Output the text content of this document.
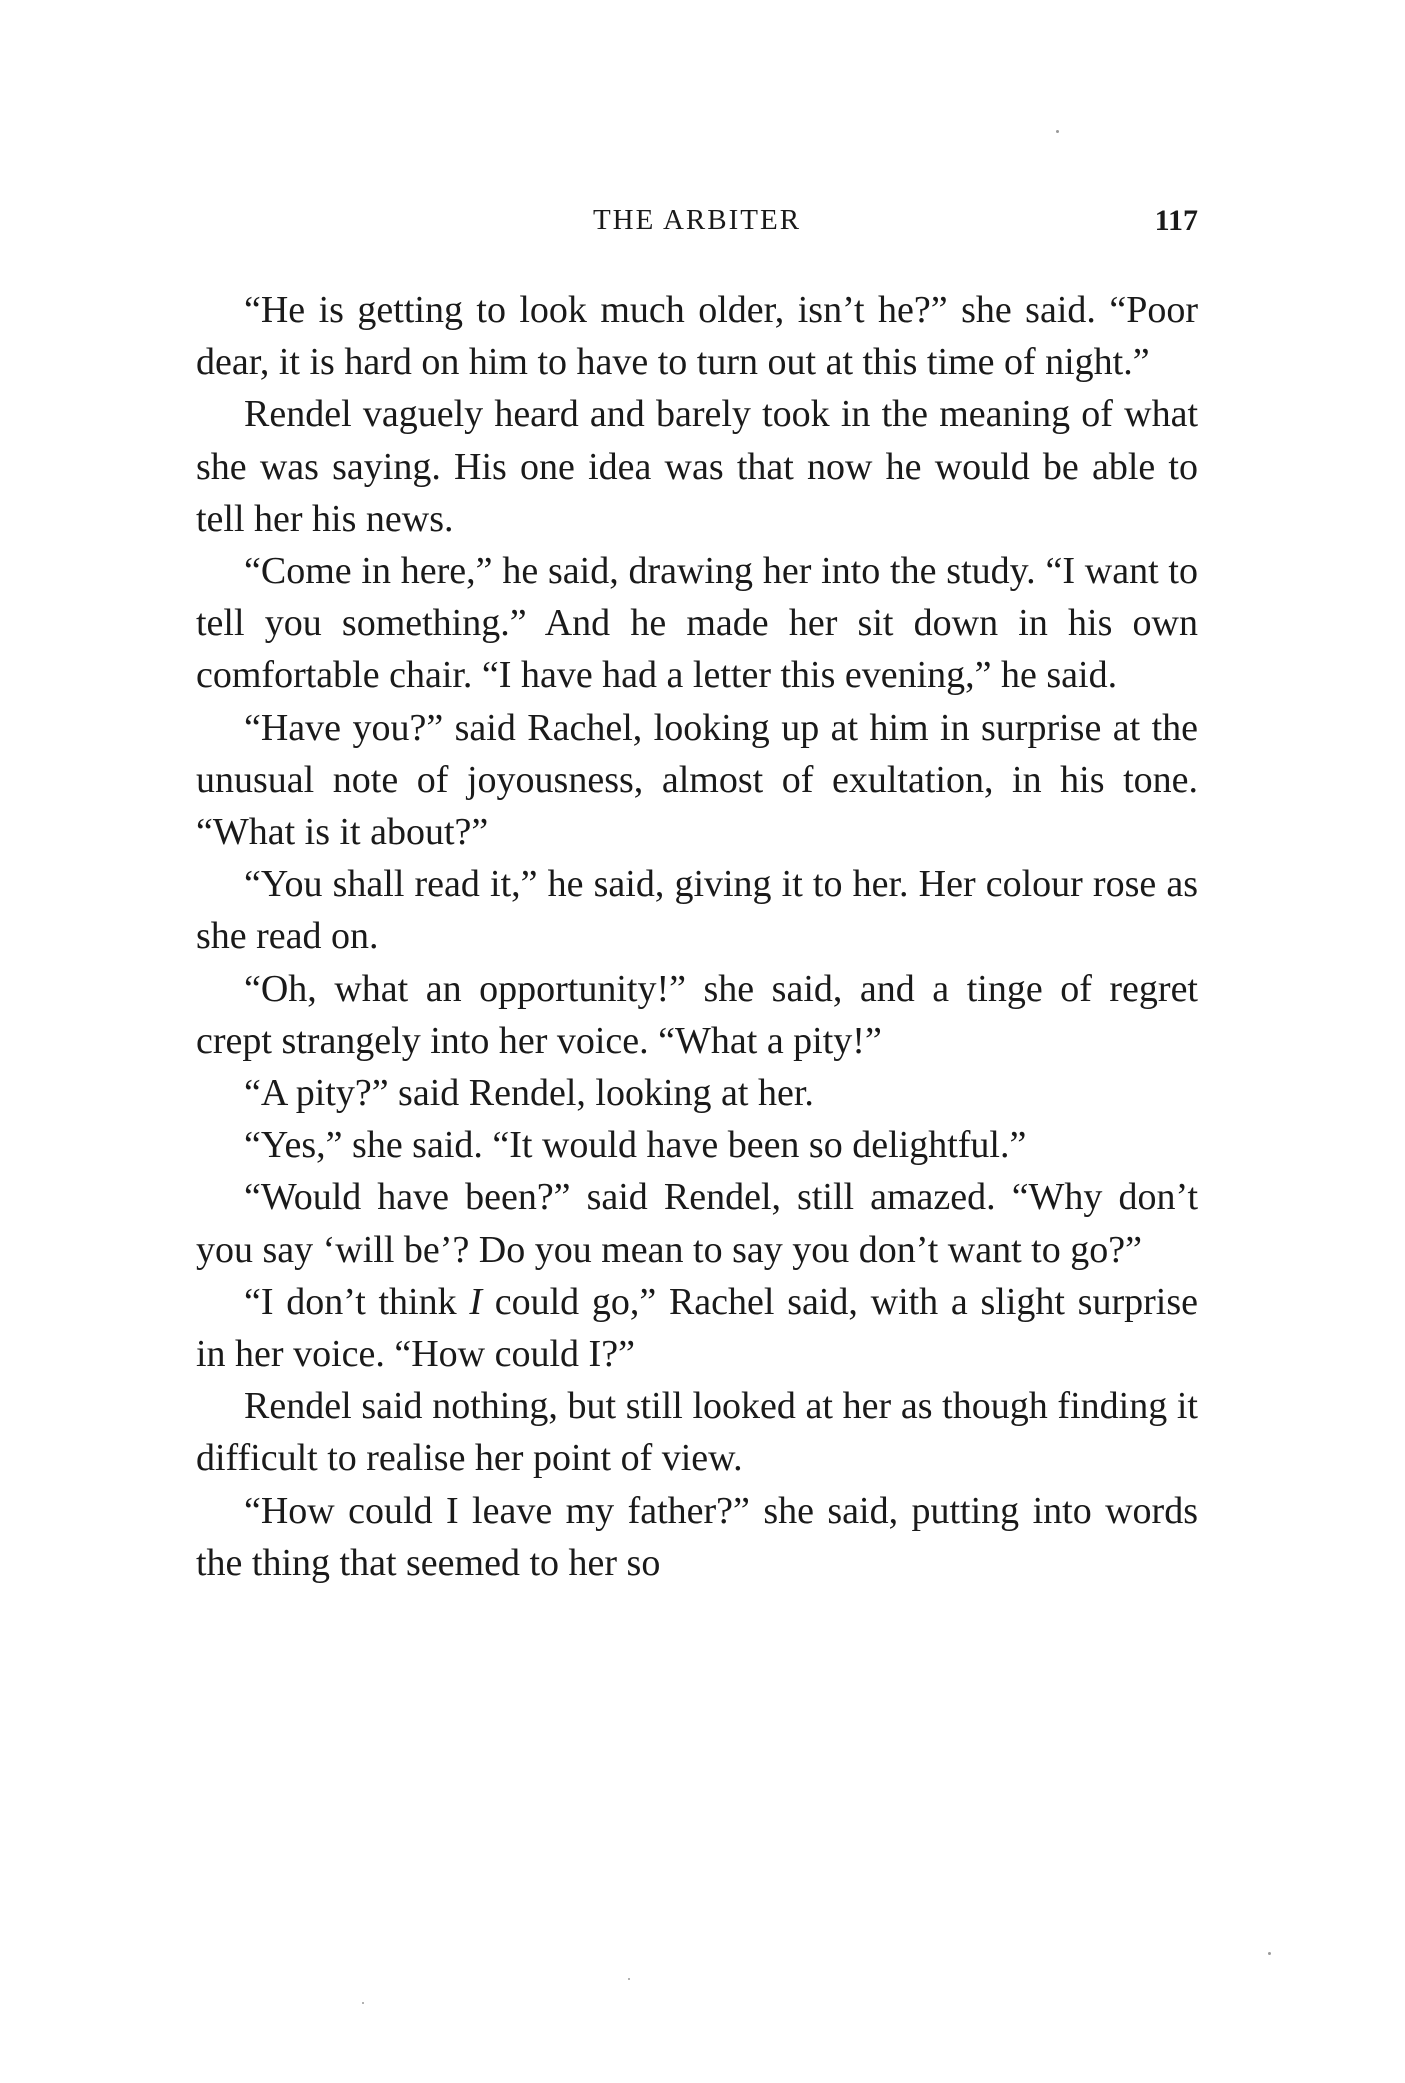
THE ARBITER	117

“He is getting to look much older, isn’t he?” she said. “Poor dear, it is hard on him to have to turn out at this time of night.”

Rendel vaguely heard and barely took in the meaning of what she was saying. His one idea was that now he would be able to tell her his news.

“Come in here,” he said, drawing her into the study. “I want to tell you something.” And he made her sit down in his own comfortable chair. “I have had a letter this evening,” he said.

“Have you?” said Rachel, looking up at him in surprise at the unusual note of joyousness, almost of exultation, in his tone. “What is it about?”

“You shall read it,” he said, giving it to her. Her colour rose as she read on.

“Oh, what an opportunity!” she said, and a tinge of regret crept strangely into her voice. “What a pity!”

“A pity?” said Rendel, looking at her.

“Yes,” she said. “It would have been so delightful.”

“Would have been?” said Rendel, still amazed. “Why don’t you say ‘will be’? Do you mean to say you don’t want to go?”

“I don’t think I could go,” Rachel said, with a slight surprise in her voice. “How could I?”

Rendel said nothing, but still looked at her as though finding it difficult to realise her point of view.

“How could I leave my father?” she said, putting into words the thing that seemed to her so
